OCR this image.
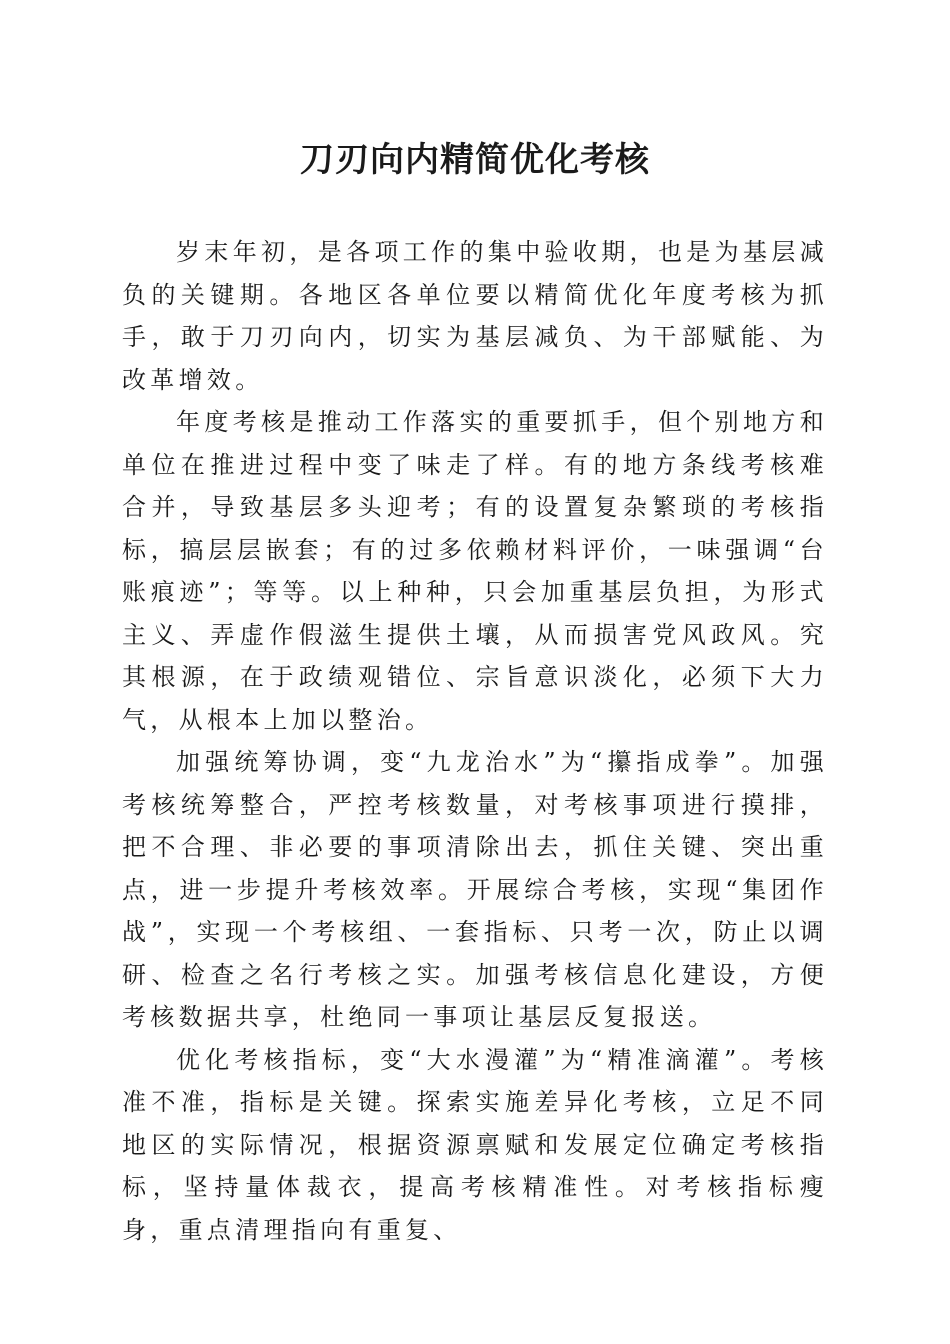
刀刃向内精简优化考核

岁末年初，是各项工作的集中验收期，也是为基层减负的关键期。各地区各单位要以精简优化年度考核为抓手，敢于刀刃向内，切实为基层减负、为干部赋能、为改革增效。

年度考核是推动工作落实的重要抓手，但个别地方和单位在推进过程中变了味走了样。有的地方条线考核难合并，导致基层多头迎考；有的设置复杂繁琐的考核指标，搞层层嵌套；有的过多依赖材料评价，一味强调“台账痕迹”；等等。以上种种，只会加重基层负担，为形式主义、弄虚作假滋生提供土壤，从而损害党风政风。究其根源，在于政绩观错位、宗旨意识淡化，必须下大力气，从根本上加以整治。

加强统筹协调，变“九龙治水”为“攥指成拳”。加强考核统筹整合，严控考核数量，对考核事项进行摸排，把不合理、非必要的事项清除出去，抓住关键、突出重点，进一步提升考核效率。开展综合考核，实现“集团作战”，实现一个考核组、一套指标、只考一次，防止以调研、检查之名行考核之实。加强考核信息化建设，方便考核数据共享，杜绝同一事项让基层反复报送。

优化考核指标，变“大水漫灌”为“精准滴灌”。考核准不准，指标是关键。探索实施差异化考核，立足不同地区的实际情况，根据资源禀赋和发展定位确定考核指标，坚持量体裁衣，提高考核精准性。对考核指标瘦身，重点清理指向有重复、
